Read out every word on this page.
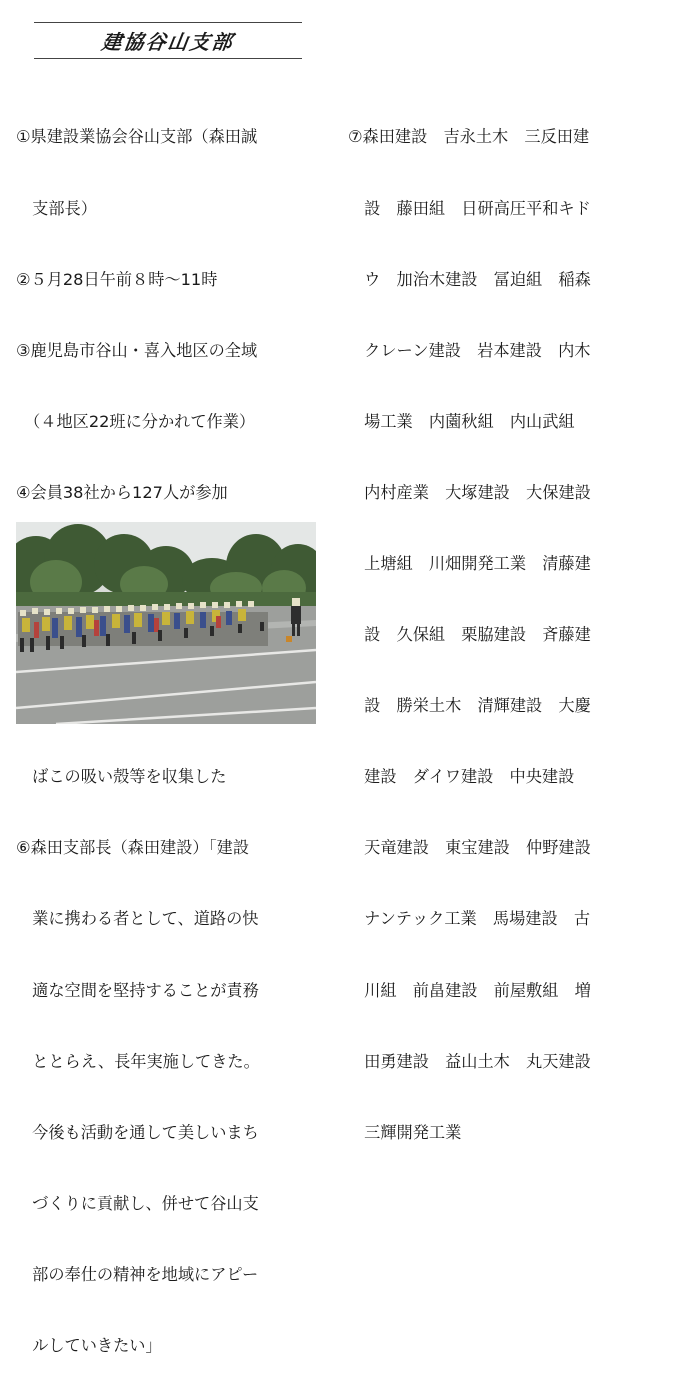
建協谷山支部

①県建設業協会谷山支部（森田誠

　支部長）

②５月28日午前８時〜11時

③鹿児島市谷山・喜入地区の全域

　（４地区22班に分かれて作業）

④会員38社から127人が参加

　ばこの吸い殻等を収集した

⑥森田支部長（森田建設）「建設

　業に携わる者として、道路の快

　適な空間を堅持することが責務

　ととらえ、長年実施してきた。

　今後も活動を通して美しいまち

　づくりに貢献し、併せて谷山支

　部の奉仕の精神を地域にアピー

　ルしていきたい」

⑦森田建設　吉永土木　三反田建

　設　藤田組　日研高圧平和キド

　ウ　加治木建設　冨迫組　稲森

　クレーン建設　岩本建設　内木

　場工業　内薗秋組　内山武組

　内村産業　大塚建設　大保建設

　上塘組　川畑開発工業　清藤建

　設　久保組　栗脇建設　斉藤建

　設　勝栄土木　清輝建設　大慶

　建設　ダイワ建設　中央建設

　天竜建設　東宝建設　仲野建設

　ナンテック工業　馬場建設　古

　川組　前畠建設　前屋敷組　増

　田勇建設　益山土木　丸天建設

　三輝開発工業
